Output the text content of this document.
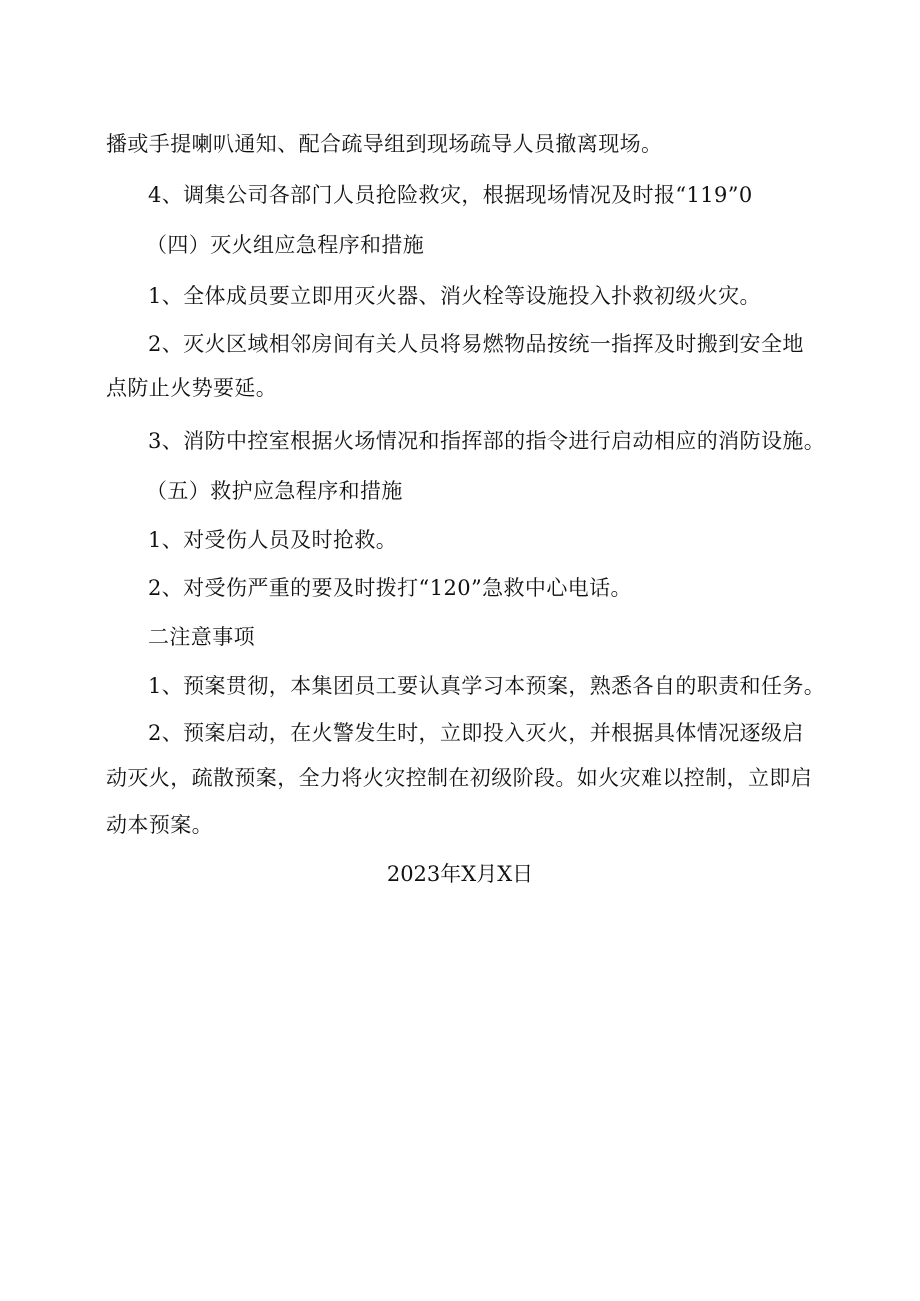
播或手提喇叭通知、配合疏导组到现场疏导人员撤离现场。
4、调集公司各部门人员抢险救灾，根据现场情况及时报“119”0
（四）灭火组应急程序和措施
1、全体成员要立即用灭火器、消火栓等设施投入扑救初级火灾。
2、灭火区域相邻房间有关人员将易燃物品按统一指挥及时搬到安全地
点防止火势要延。
3、消防中控室根据火场情况和指挥部的指令进行启动相应的消防设施。
（五）救护应急程序和措施
1、对受伤人员及时抢救。
2、对受伤严重的要及时拨打“120”急救中心电话。
二注意事项
1、预案贯彻，本集团员工要认真学习本预案，熟悉各自的职责和任务。
2、预案启动，在火警发生时，立即投入灭火，并根据具体情况逐级启
动灭火，疏散预案，全力将火灾控制在初级阶段。如火灾难以控制，立即启
动本预案。
2023年X月X日
